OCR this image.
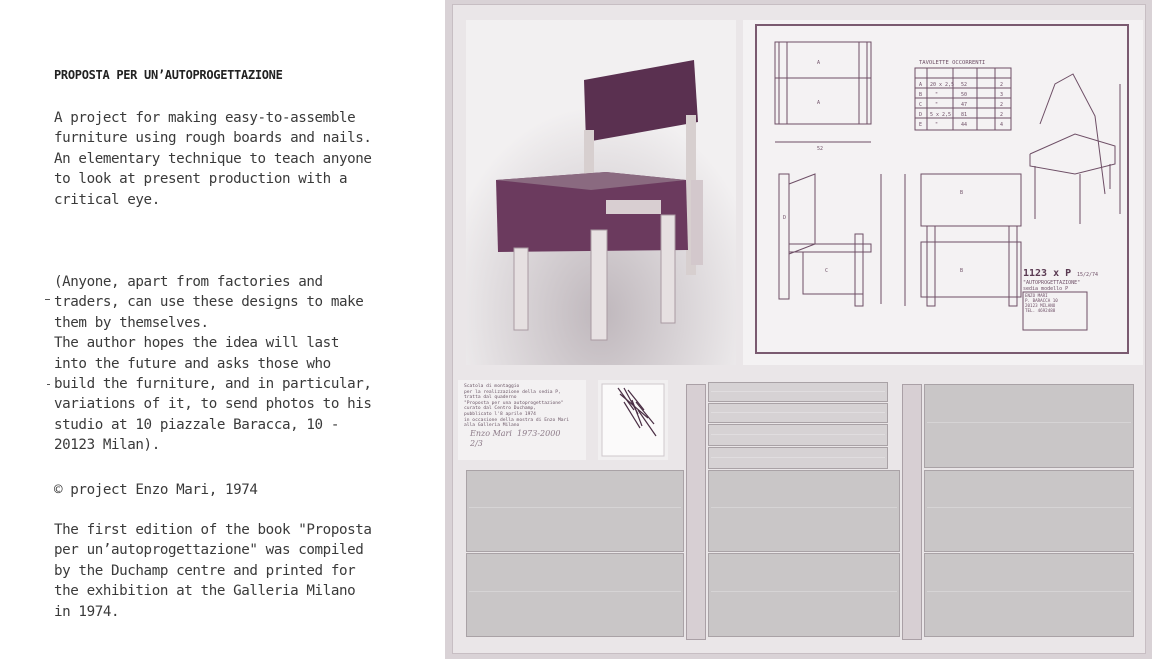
PROPOSTA PER UN’AUTOPROGETTAZIONE
A project for making easy-to-assemble
furniture using rough boards and nails.
An elementary technique to teach anyone
to look at present production with a
critical eye.
(Anyone, apart from factories and
traders, can use these designs to make
them by themselves.
The author hopes the idea will last
into the future and asks those who
build the furniture, and in particular,
variations of it, to send photos to his
studio at 10 piazzale Baracca, 10 -
20123 Milan).
© project Enzo Mari, 1974
The first edition of the book "Proposta
per un’autoprogettazione" was compiled
by the Duchamp centre and printed for
the exhibition at the Galleria Milano
in 1974.
A
A
D
C
B
B
TAVOLETTE OCCORRENTI
A 20 x 2,5 52	2
B	"	50	3
C	"	47	2
D 5 x 2,5 81	2
E	"	44	4
52
1123 x P 15/2/74
"AUTOPROGETTAZIONE"
sedia modello P
ENZO MARI
P. BARACCA 10
20123 MILANO
TEL. 4692488
Scatola di montaggio
per la realizzazione della sedia P,
tratta dal quaderno
"Proposta per una autoprogettazione"
curato dal Centro Duchamp,
pubblicato l'8 aprile 1974
in occasione della mostra di Enzo Mari
alla Galleria Milano
Enzo Mari  1973-2000
2/3
